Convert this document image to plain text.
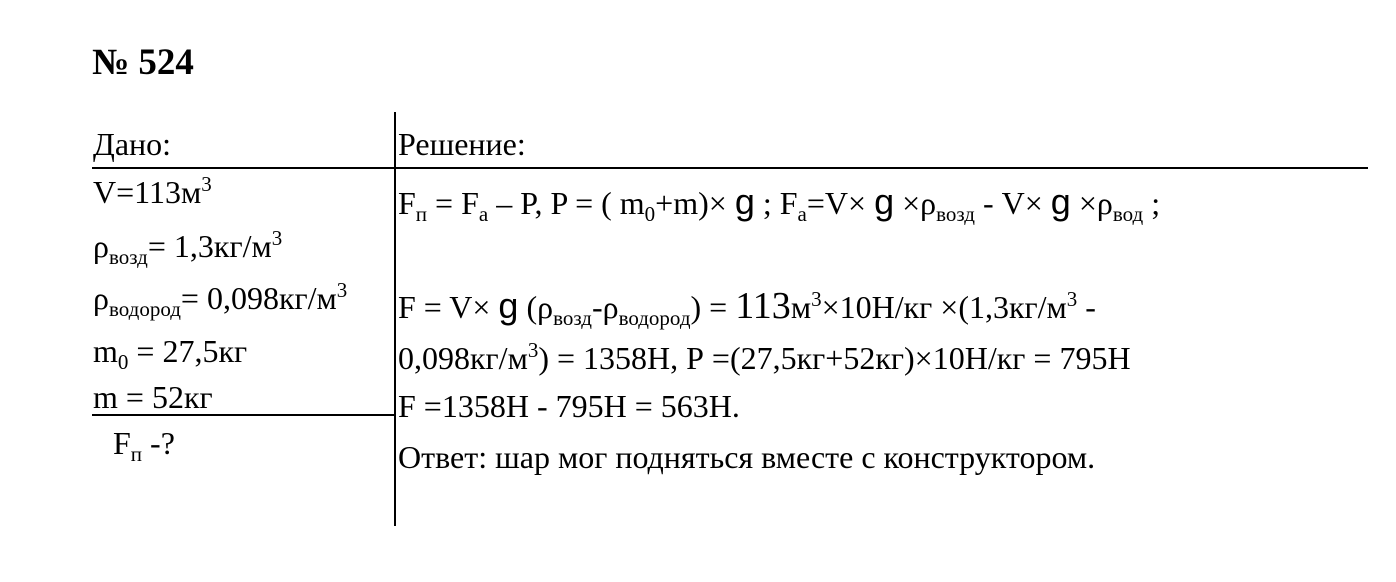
№ 524
Дано:
$V=113м^3$
$\rho_{возд}= 1,3кг/м^3$
$\rho_{водород}= 0,098кг/м^3$
$m_0 = 27,5кг$
m = 52кг
$F_п$ -?
Решение:
$F_п = F_a - P$, P = ( $m_0+m)\times g$ ; $F_a=V\times g \times\rho_{возд} - V\times g \times\rho_{вод}$ ;
F = V× g $(\rho_{возд}-\rho_{водород}) = 113м^3\times 10Н/кг \times(1,3кг/м^3$ -
$0,098кг/м^3) = 1358Н$, Р =(27,5кг+52кг)×10Н/кг = 795Н
F =1358Н - 795Н = 563Н.
Ответ: шар мог подняться вместе с конструктором.
